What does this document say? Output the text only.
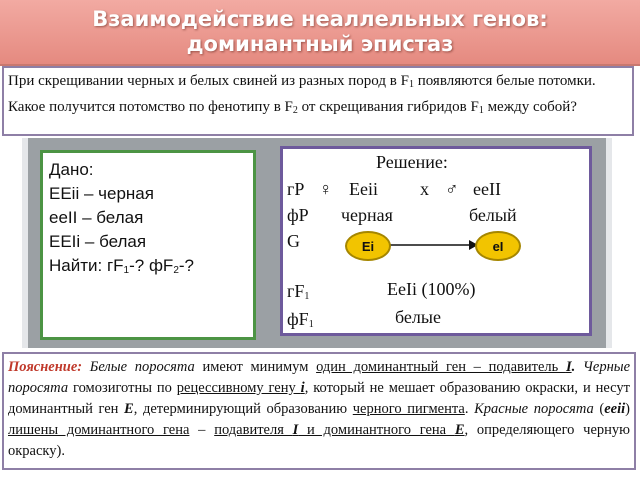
Взаимодействие неаллельных генов:
доминантный эпистаз
При скрещивании черных и белых свиней из разных пород в $F_1$ появляются белые потомки. Какое получится потомство по фенотипу в $F_2$ от скрещивания гибридов $F_1$ между собой?
Дано:
ЕЕii – черная
eeII – белая
EEIi – белая
Найти: $гF_1-$? $фF_2-$?
Решение:
гР ♀ Eeii х ♂ eeII
фР черная	белый
G	Ei	eI
$гF_1$	EeIi (100%)
$фF_1$	белые
Пояснение: Белые поросята имеют минимум один доминантный ген – подавитель I. Черные поросята гомозиготны по рецессивному гену i, который не мешает образованию окраски, и несут доминантный ген E, детерминирующий образованию черного пигмента. Красные поросята (eeii) лишены доминантного гена – подавителя I и доминантного гена E, определяющего черную окраску).
